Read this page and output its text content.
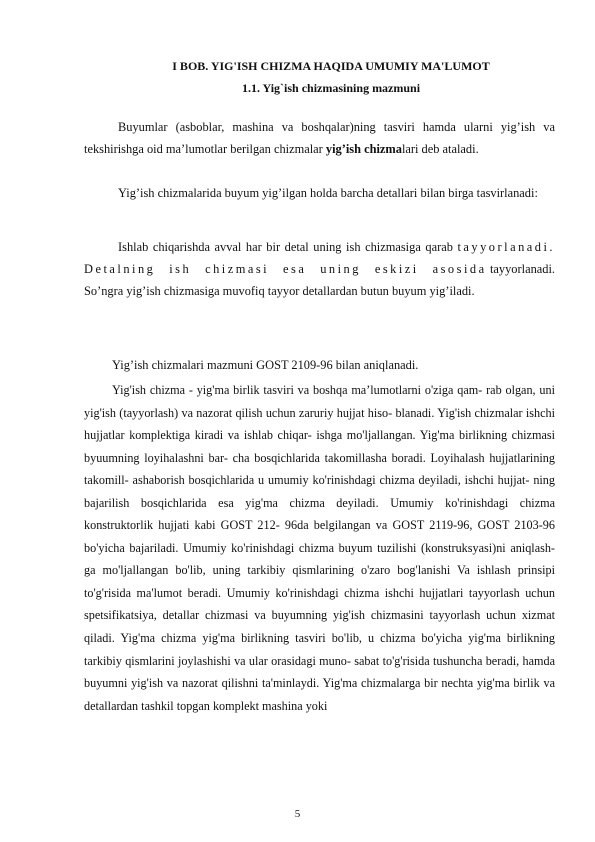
I BOB. YIG'ISH CHIZMA HAQIDA UMUMIY MA'LUMOT
1.1. Yig`ish chizmasining mazmuni

Buyumlar (asboblar, mashina va boshqalar)ning tasviri hamda ularni yig’ish va tekshirishga oid ma’lumotlar berilgan chizmalar yig’ish chizmalari deb ataladi.

Yig’ish chizmalarida buyum yig’ilgan holda barcha detallari bilan birga tasvirlanadi:

Ishlab chiqarishda avval har bir detal uning ish chizmasiga qarab tayyorlanadi. Detalning ish chizmasi esa uning eskizi asosida tayyorlanadi. So’ngra yig’ish chizmasiga muvofiq tayyor detallardan butun buyum yig’iladi.

Yig’ish chizmalari mazmuni GOST 2109-96 bilan aniqlanadi.

Yig'ish chizma - yig'ma birlik tasviri va boshqa ma’lumotlarni o'ziga qam- rab olgan, uni yig'ish (tayyorlash) va nazorat qilish uchun zaruriy hujjat hiso- blanadi. Yig'ish chizmalar ishchi hujjatlar komplektiga kiradi va ishlab chiqar- ishga mo'ljallangan. Yig'ma birlikning chizmasi byuumning loyihalashni bar- cha bosqichlarida takomillasha boradi. Loyihalash hujjatlarining takomill- ashaborish bosqichlarida u umumiy ko'rinishdagi chizma deyiladi, ishchi hujjat- ning bajarilish bosqichlarida esa yig'ma chizma deyiladi. Umumiy ko'rinishdagi chizma konstruktorlik hujjati kabi GOST 212- 96da belgilangan va GOST 2119-96, GOST 2103-96 bo'yicha bajariladi. Umumiy ko'rinishdagi chizma buyum tuzilishi (konstruksyasi)ni aniqlash- ga mo'ljallangan bo'lib, uning tarkibiy qismlarining o'zaro bog'lanishi Va ishlash prinsipi to'g'risida ma'lumot beradi. Umumiy ko'rinishdagi chizma ishchi hujjatlari tayyorlash uchun spetsifikatsiya, detallar chizmasi va buyumning yig'ish chizmasini tayyorlash uchun xizmat qiladi. Yig'ma chizma yig'ma birlikning tasviri bo'lib, u chizma bo'yicha yig'ma birlikning tarkibiy qismlarini joylashishi va ular orasidagi muno- sabat to'g'risida tushuncha beradi, hamda buyumni yig'ish va nazorat qilishni ta'minlaydi. Yig'ma chizmalarga bir nechta yig'ma birlik va detallardan tashkil topgan komplekt mashina yoki

5
